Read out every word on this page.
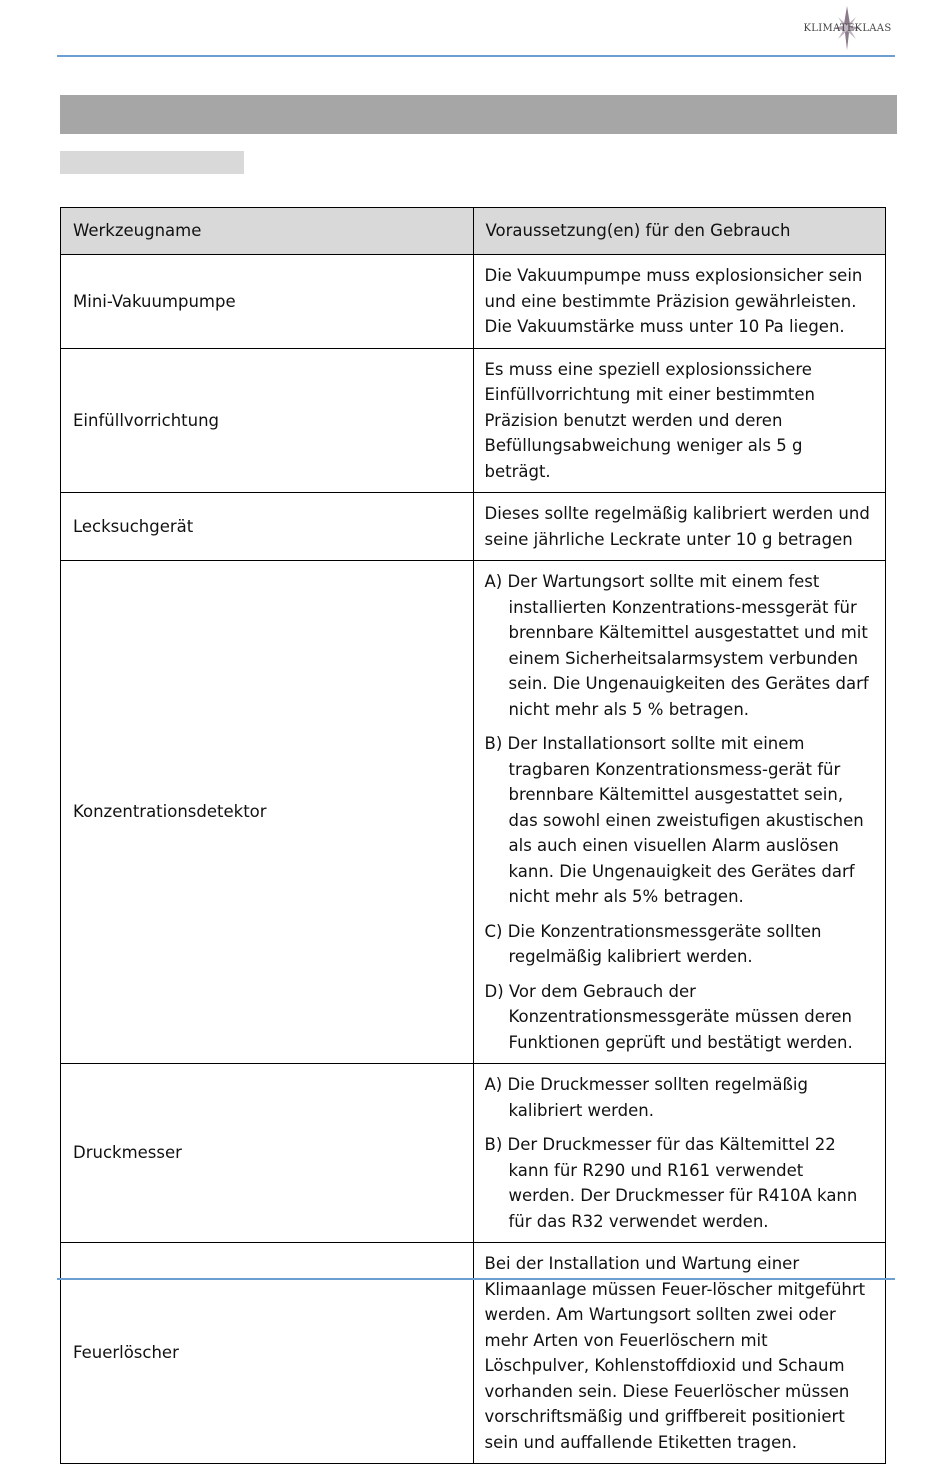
KLIMATEKLAAS
Werkzeugname	Voraussetzung(en) für den Gebrauch
Mini-Vakuumpumpe	Die Vakuumpumpe muss explosionsicher sein und eine bestimmte Präzision gewährleisten. Die Vakuumstärke muss unter 10 Pa liegen.
Einfüllvorrichtung	Es muss eine speziell explosionssichere Einfüllvorrichtung mit einer bestimmten Präzision benutzt werden und deren Befüllungsabweichung weniger als 5 g beträgt.
Lecksuchgerät	Dieses sollte regelmäßig kalibriert werden und seine jährliche Leckrate unter 10 g betragen
Konzentrationsdetektor	A) Der Wartungsort sollte mit einem fest installierten Konzentrations-messgerät für brennbare Kältemittel ausgestattet und mit einem Sicherheitsalarmsystem verbunden sein. Die Ungenauigkeiten des Gerätes darf nicht mehr als 5 % betragen.
B) Der Installationsort sollte mit einem tragbaren Konzentrationsmess-gerät für brennbare Kältemittel ausgestattet sein, das sowohl einen zweistufigen akustischen als auch einen visuellen Alarm auslösen kann. Die Ungenauigkeit des Gerätes darf nicht mehr als 5% betragen.
C) Die Konzentrationsmessgeräte sollten regelmäßig kalibriert werden.
D) Vor dem Gebrauch der Konzentrationsmessgeräte müssen deren Funktionen geprüft und bestätigt werden.

Druckmesser	A) Die Druckmesser sollten regelmäßig kalibriert werden.
B) Der Druckmesser für das Kältemittel 22 kann für R290 und R161 verwendet werden. Der Druckmesser für R410A kann für das R32 verwendet werden.

Feuerlöscher	Bei der Installation und Wartung einer Klimaanlage müssen Feuer-löscher mitgeführt werden. Am Wartungsort sollten zwei oder mehr Arten von Feuerlöschern mit Löschpulver, Kohlenstoffdioxid und Schaum vorhanden sein. Diese Feuerlöscher müssen vorschriftsmäßig und griffbereit positioniert sein und auffallende Etiketten tragen.
